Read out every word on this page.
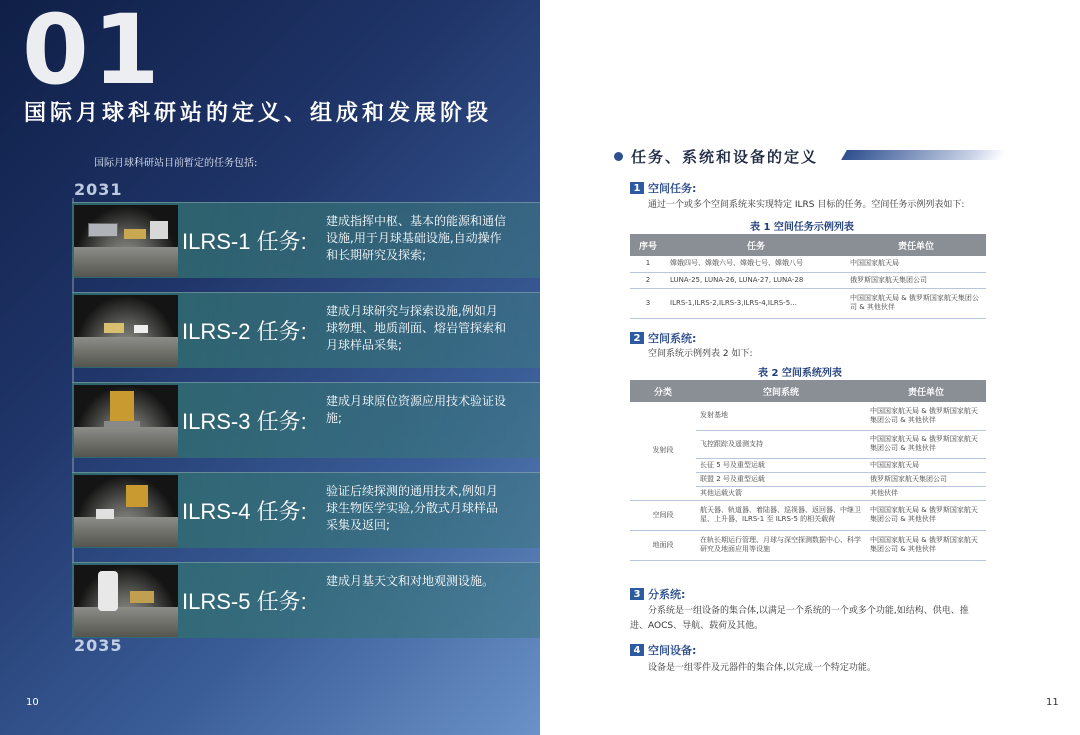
01
国际月球科研站的定义、组成和发展阶段
国际月球科研站目前暂定的任务包括:
2031
ILRS-1 任务:
建成指挥中枢、基本的能源和通信设施,用于月球基础设施,自动操作和长期研究及探索;
ILRS-2 任务:
建成月球研究与探索设施,例如月球物理、地质剖面、熔岩管探索和月球样品采集;
ILRS-3 任务:
建成月球原位资源应用技术验证设施;
ILRS-4 任务:
验证后续探测的通用技术,例如月球生物医学实验,分散式月球样品采集及返回;
ILRS-5 任务:
建成月基天文和对地观测设施。
2035
10
任务、系统和设备的定义
1 空间任务:
通过一个或多个空间系统来实现特定 ILRS 目标的任务。空间任务示例列表如下:
表 1 空间任务示例列表
序号	任务	责任单位
1	嫦娥四号、嫦娥六号、嫦娥七号、嫦娥八号	中国国家航天局
2	LUNA-25, LUNA-26, LUNA-27, LUNA-28	俄罗斯国家航天集团公司
3	ILRS-1,ILRS-2,ILRS-3,ILRS-4,ILRS-5...	中国国家航天局 & 俄罗斯国家航天集团公司 & 其他伙伴
2 空间系统:
空间系统示例列表 2 如下:
表 2 空间系统列表
分类	空间系统	责任单位
发射段	发射基地	中国国家航天局 & 俄罗斯国家航天集团公司 & 其他伙伴
	飞控跟踪及遥测支持	中国国家航天局 & 俄罗斯国家航天集团公司 & 其他伙伴
	长征 5 号及重型运载	中国国家航天局
	联盟 2 号及重型运载	俄罗斯国家航天集团公司
	其他运载火箭	其他伙伴
空间段	航天器、轨道器、着陆器、巡视器、返回器、中继卫星、上升器、ILRS-1 至 ILRS-5 的相关载荷	中国国家航天局 & 俄罗斯国家航天集团公司 & 其他伙伴
地面段	在轨长期运行管理、月球与深空探测数据中心、科学研究及地面应用等设施	中国国家航天局 & 俄罗斯国家航天集团公司 & 其他伙伴
3 分系统:
分系统是一组设备的集合体,以满足一个系统的一个或多个功能,如结构、供电、推进、AOCS、导航、载荷及其他。
4 空间设备:
设备是一组零件及元器件的集合体,以完成一个特定功能。
11
